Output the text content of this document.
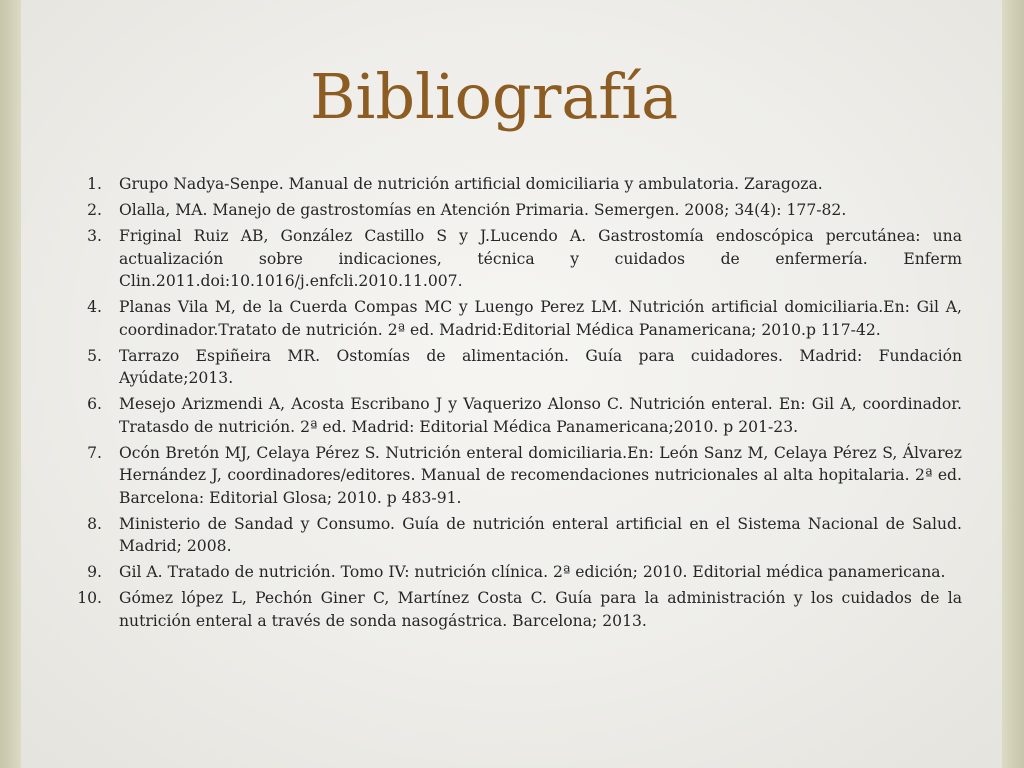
Bibliografía
1. Grupo Nadya-Senpe. Manual de nutrición artificial domiciliaria y ambulatoria. Zaragoza.
2. Olalla, MA. Manejo de gastrostomías en Atención Primaria. Semergen. 2008; 34(4): 177-82.
3. Friginal Ruiz AB, González Castillo S y J.Lucendo A. Gastrostomía endoscópica percutánea: una actualización sobre indicaciones, técnica y cuidados de enfermería. Enferm Clin.2011.doi:10.1016/j.enfcli.2010.11.007.
4. Planas Vila M, de la Cuerda Compas MC y Luengo Perez LM. Nutrición artificial domiciliaria.En: Gil A, coordinador.Tratato de nutrición. 2ª ed. Madrid:Editorial Médica Panamericana; 2010.p 117-42.
5. Tarrazo Espiñeira MR. Ostomías de alimentación. Guía para cuidadores. Madrid: Fundación Ayúdate;2013.
6. Mesejo Arizmendi A, Acosta Escribano J y Vaquerizo Alonso C. Nutrición enteral. En: Gil A, coordinador. Tratasdo de nutrición. 2ª ed. Madrid: Editorial Médica Panamericana;2010. p 201-23.
7. Ocón Bretón MJ, Celaya Pérez S. Nutrición enteral domiciliaria.En: León Sanz M, Celaya Pérez S, Álvarez Hernández J, coordinadores/editores. Manual de recomendaciones nutricionales al alta hopitalaria. 2ª ed. Barcelona: Editorial Glosa; 2010. p 483-91.
8. Ministerio de Sandad y Consumo. Guía de nutrición enteral artificial en el Sistema Nacional de Salud. Madrid; 2008.
9. Gil A. Tratado de nutrición. Tomo IV: nutrición clínica. 2ª edición; 2010. Editorial médica panamericana.
10. Gómez lópez L, Pechón Giner C, Martínez Costa C. Guía para la administración y los cuidados de la nutrición enteral a través de sonda nasogástrica. Barcelona; 2013.
